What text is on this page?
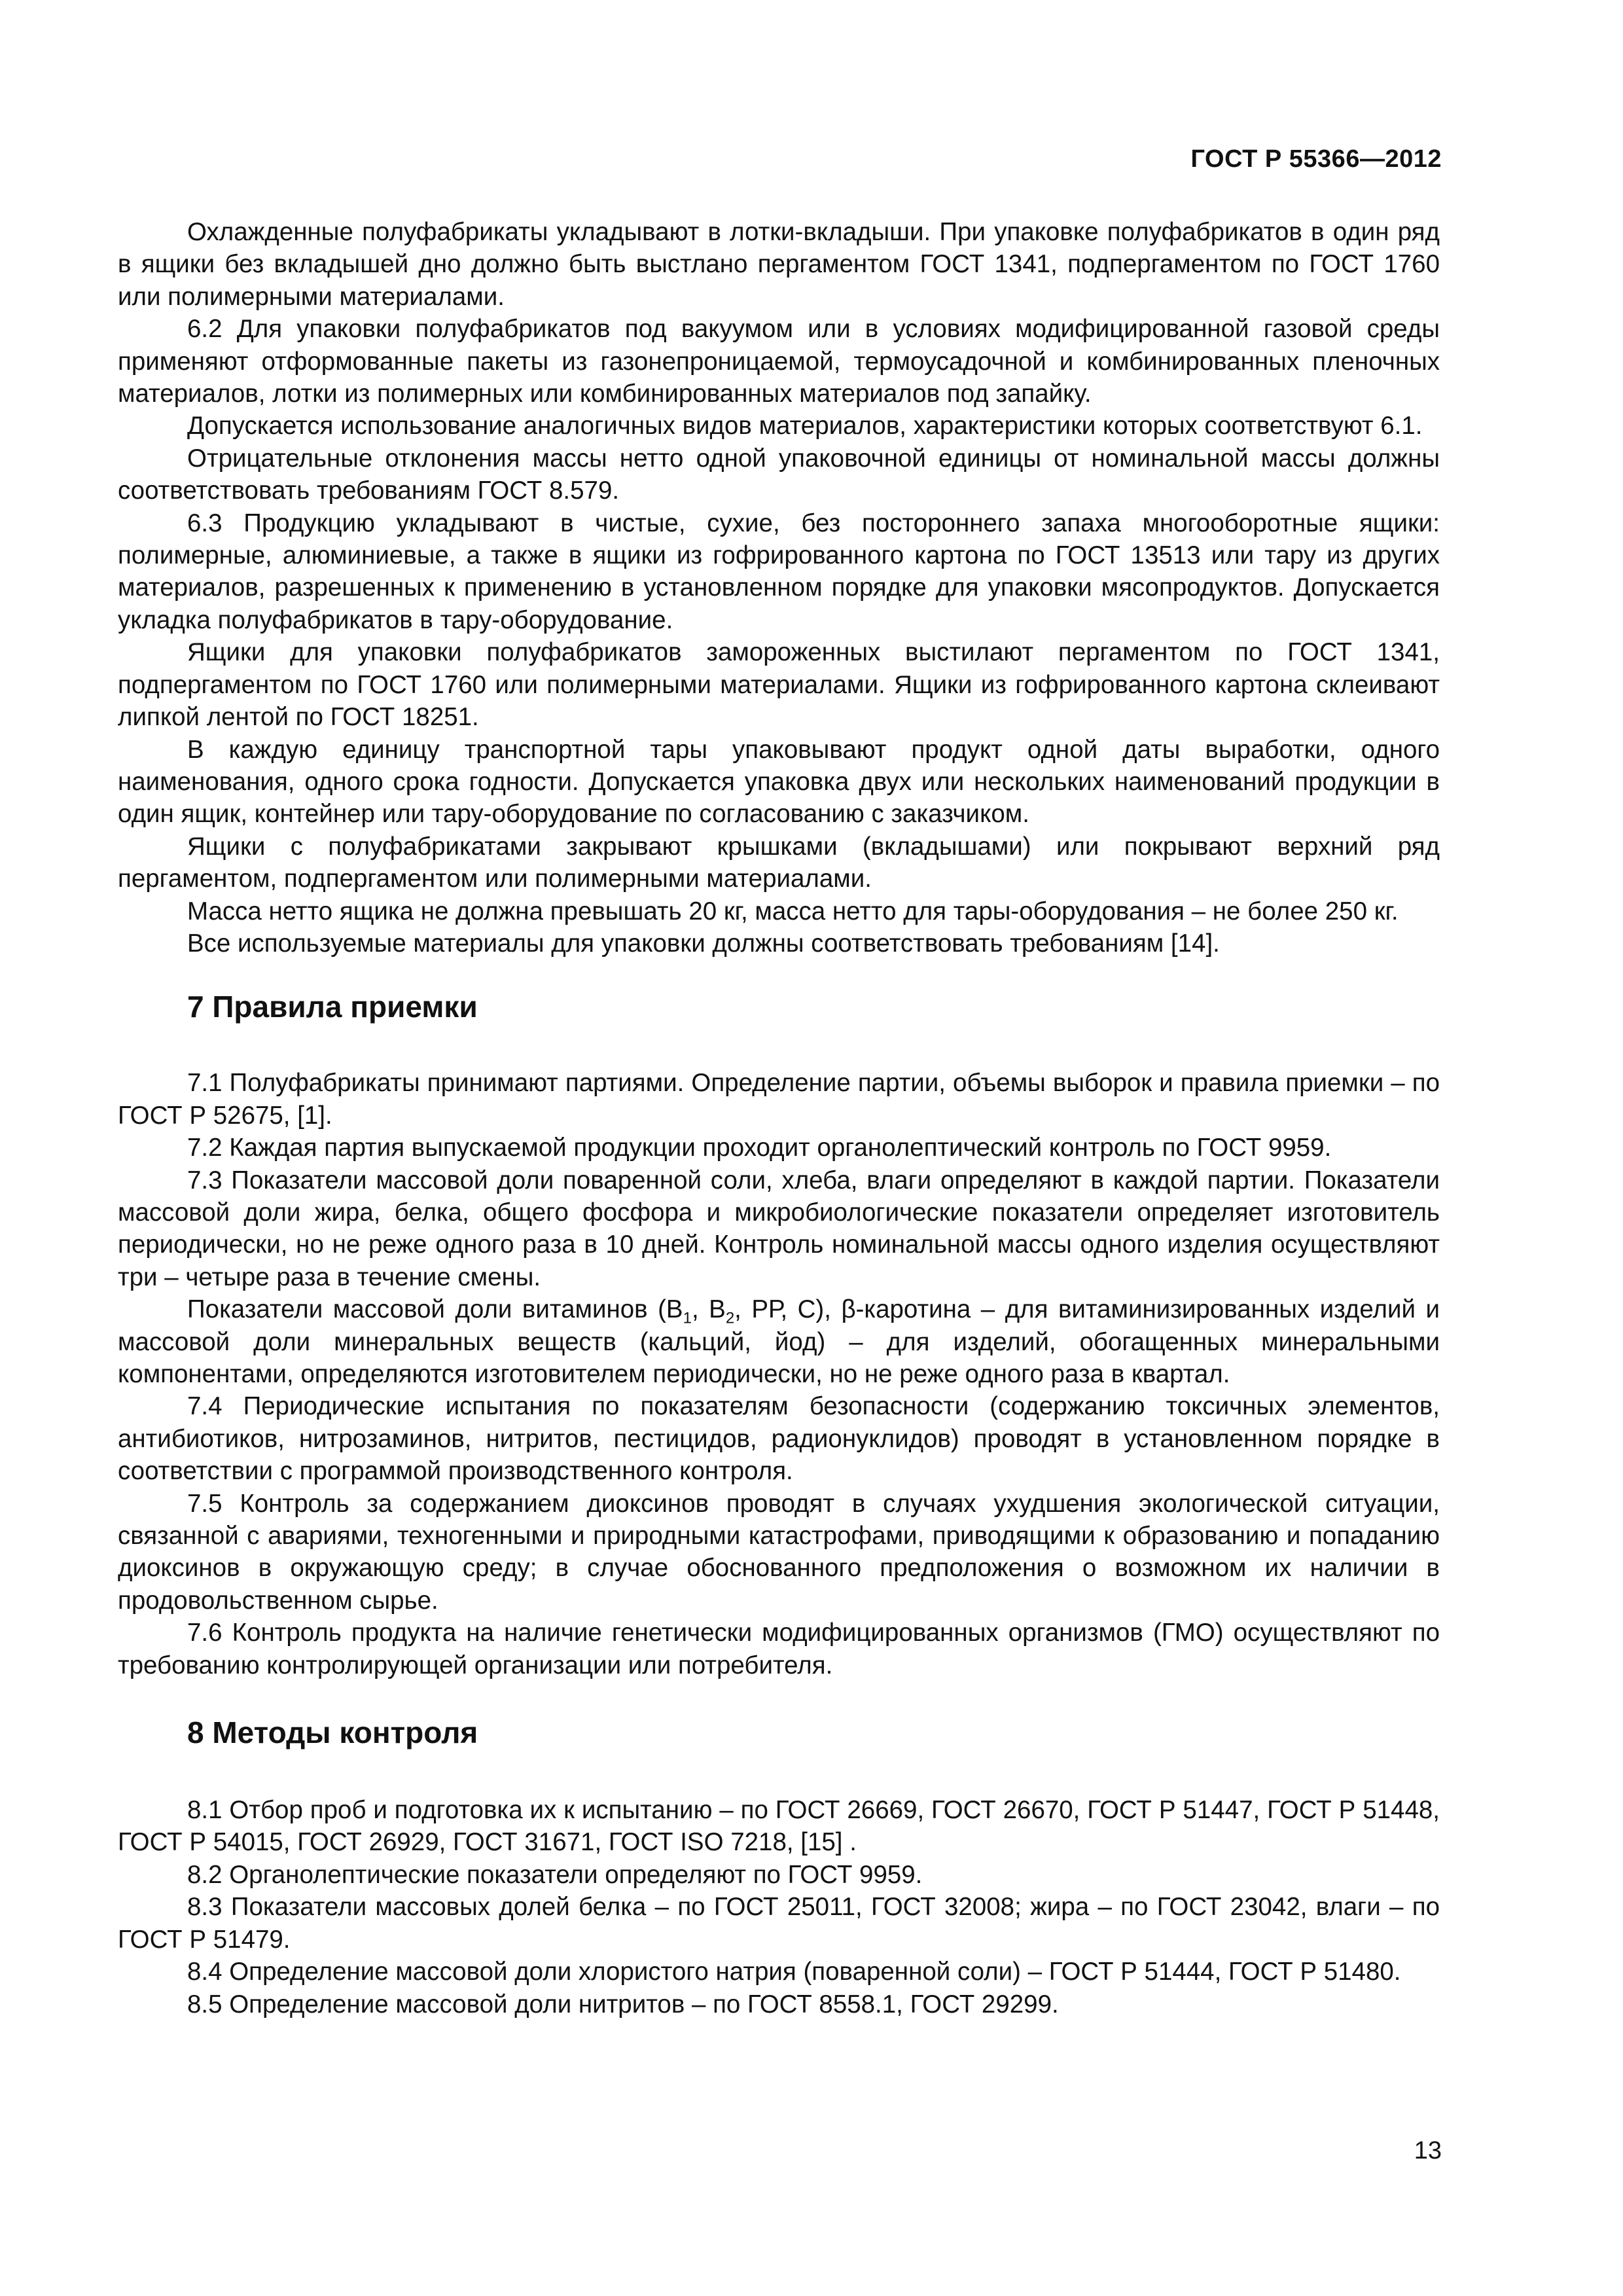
ГОСТ Р 55366—2012

Охлажденные полуфабрикаты укладывают в лотки-вкладыши. При упаковке полуфабрикатов в один ряд в ящики без вкладышей дно должно быть выстлано пергаментом ГОСТ 1341, подпергаментом по ГОСТ 1760 или полимерными материалами.

6.2 Для упаковки полуфабрикатов под вакуумом или в условиях модифицированной газовой среды применяют отформованные пакеты из газонепроницаемой, термоусадочной и комбинированных пленочных материалов, лотки из полимерных или комбинированных материалов под запайку.

Допускается использование аналогичных видов материалов, характеристики которых соответствуют 6.1.

Отрицательные отклонения массы нетто одной упаковочной единицы от номинальной массы должны соответствовать требованиям ГОСТ 8.579.

6.3 Продукцию укладывают в чистые, сухие, без постороннего запаха многооборотные ящики: полимерные, алюминиевые, а также в ящики из гофрированного картона по ГОСТ 13513 или тару из других материалов, разрешенных к применению в установленном порядке для упаковки мясопродуктов. Допускается укладка полуфабрикатов в тару-оборудование.

Ящики для упаковки полуфабрикатов замороженных выстилают пергаментом по ГОСТ 1341, подпергаментом по ГОСТ 1760 или полимерными материалами. Ящики из гофрированного картона склеивают липкой лентой по ГОСТ 18251.

В каждую единицу транспортной тары упаковывают продукт одной даты выработки, одного наименования, одного срока годности. Допускается упаковка двух или нескольких наименований продукции в один ящик, контейнер или тару-оборудование по согласованию с заказчиком.

Ящики с полуфабрикатами закрывают крышками (вкладышами) или покрывают верхний ряд пергаментом, подпергаментом или полимерными материалами.

Масса нетто ящика не должна превышать 20 кг, масса нетто для тары-оборудования – не более 250 кг.

Все используемые материалы для упаковки должны соответствовать требованиям [14].

7 Правила приемки

7.1 Полуфабрикаты принимают партиями. Определение партии, объемы выборок и правила приемки – по ГОСТ Р 52675, [1].

7.2 Каждая партия выпускаемой продукции проходит органолептический контроль по ГОСТ 9959.

7.3 Показатели массовой доли поваренной соли, хлеба, влаги определяют в каждой партии. Показатели массовой доли жира, белка, общего фосфора и микробиологические показатели определяет изготовитель периодически, но не реже одного раза в 10 дней. Контроль номинальной массы одного изделия осуществляют три – четыре раза в течение смены.

Показатели массовой доли витаминов ($В_1$, $В_2$, РР, С), β-каротина – для витаминизированных изделий и массовой доли минеральных веществ (кальций, йод) – для изделий, обогащенных минеральными компонентами, определяются изготовителем периодически, но не реже одного раза в квартал.

7.4 Периодические испытания по показателям безопасности (содержанию токсичных элементов, антибиотиков, нитрозаминов, нитритов, пестицидов, радионуклидов) проводят в установленном порядке в соответствии с программой производственного контроля.

7.5 Контроль за содержанием диоксинов проводят в случаях ухудшения экологической ситуации, связанной с авариями, техногенными и природными катастрофами, приводящими к образованию и попаданию диоксинов в окружающую среду; в случае обоснованного предположения о возможном их наличии в продовольственном сырье.

7.6 Контроль продукта на наличие генетически модифицированных организмов (ГМО) осуществляют по требованию контролирующей организации или потребителя.

8 Методы контроля

8.1 Отбор проб и подготовка их к испытанию – по ГОСТ 26669, ГОСТ 26670, ГОСТ Р 51447, ГОСТ Р 51448, ГОСТ Р 54015, ГОСТ 26929, ГОСТ 31671, ГОСТ ISO 7218, [15] .

8.2 Органолептические показатели определяют по ГОСТ 9959.

8.3 Показатели массовых долей белка – по ГОСТ 25011, ГОСТ 32008; жира – по ГОСТ 23042, влаги – по ГОСТ Р 51479.

8.4 Определение массовой доли хлористого натрия (поваренной соли) – ГОСТ Р 51444, ГОСТ Р 51480.

8.5 Определение массовой доли нитритов – по ГОСТ 8558.1, ГОСТ 29299.

13
